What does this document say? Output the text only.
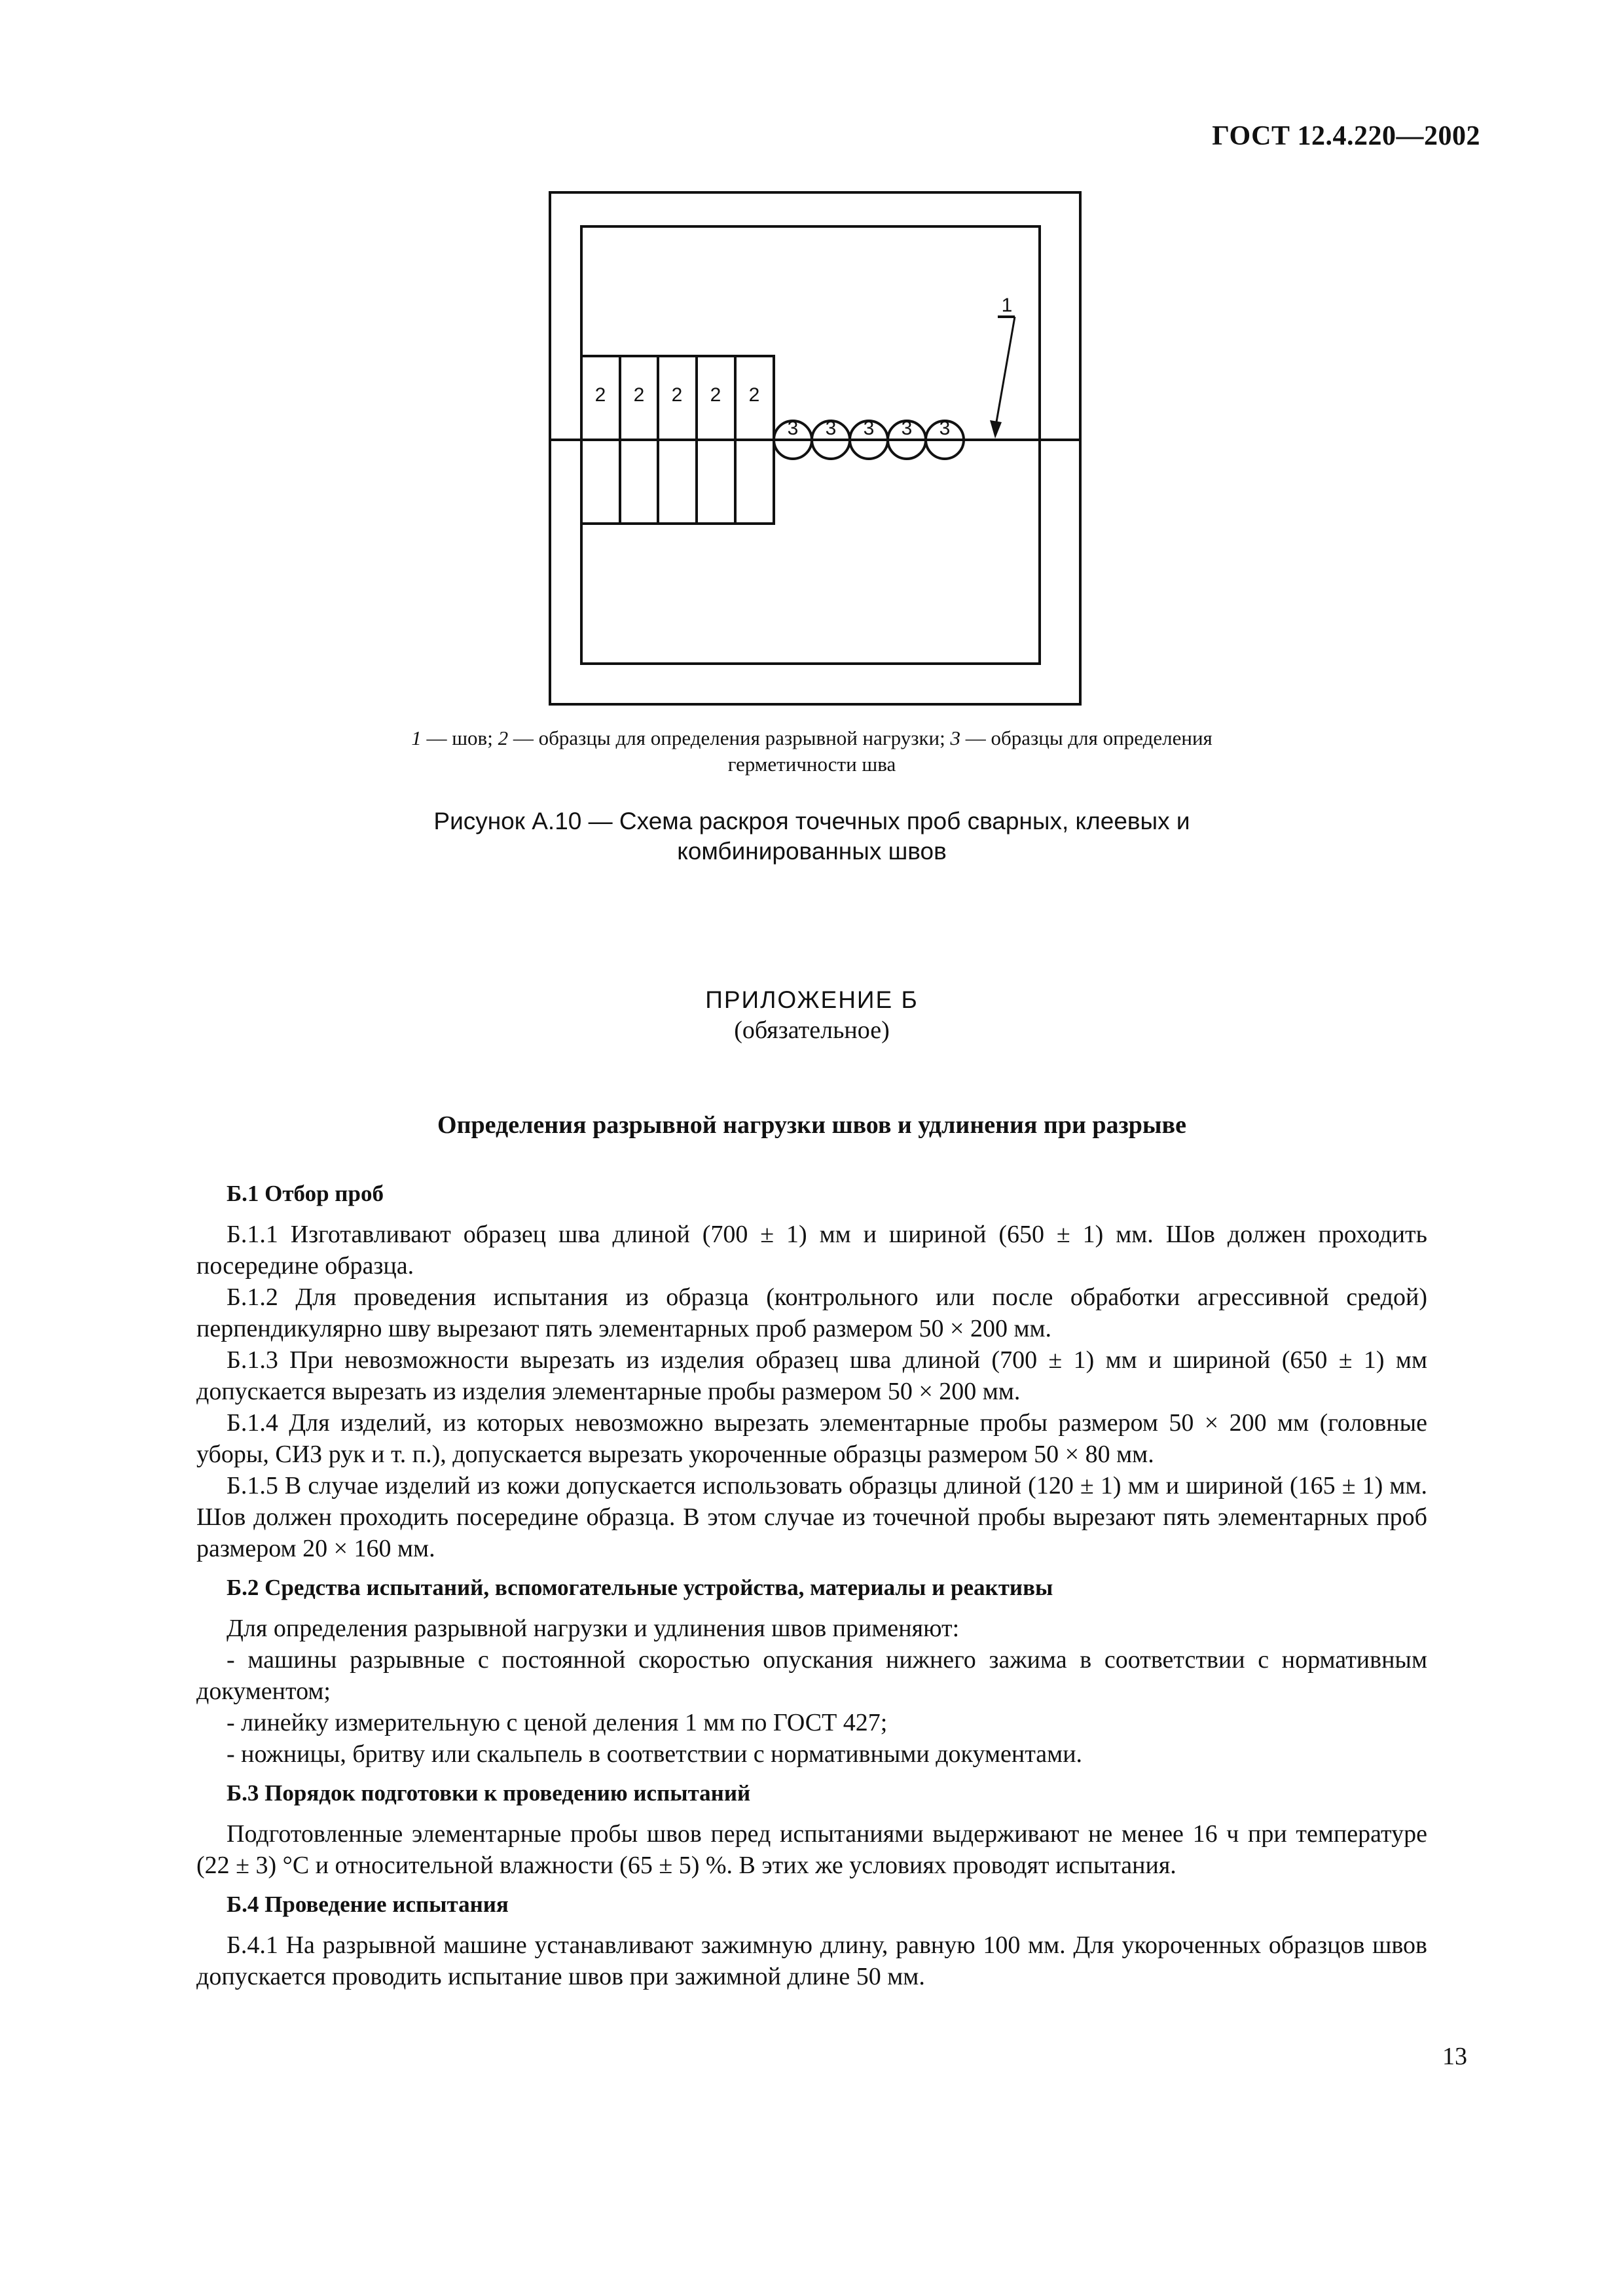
ГОСТ 12.4.220—2002
2 2 2 2 2
3 3 3 3 3
1
1 — шов; 2 — образцы для определения разрывной нагрузки; 3 — образцы для определения
герметичности шва
Рисунок А.10 — Схема раскроя точечных проб сварных, клеевых и
комбинированных швов
ПРИЛОЖЕНИЕ Б
(обязательное)
Определения разрывной нагрузки швов и удлинения при разрыве

Б.1 Отбор проб

Б.1.1 Изготавливают образец шва длиной (700 ± 1) мм и шириной (650 ± 1) мм. Шов должен проходить посередине образца.

Б.1.2 Для проведения испытания из образца (контрольного или после обработки агрессивной средой) перпендикулярно шву вырезают пять элементарных проб размером 50 × 200 мм.

Б.1.3 При невозможности вырезать из изделия образец шва длиной (700 ± 1) мм и шириной (650 ± 1) мм допускается вырезать из изделия элементарные пробы размером 50 × 200 мм.

Б.1.4 Для изделий, из которых невозможно вырезать элементарные пробы размером 50 × 200 мм (головные уборы, СИЗ рук и т. п.), допускается вырезать укороченные образцы размером 50 × 80 мм.

Б.1.5 В случае изделий из кожи допускается использовать образцы длиной (120 ± 1) мм и шириной (165 ± 1) мм. Шов должен проходить посередине образца. В этом случае из точечной пробы вырезают пять элементарных проб размером 20 × 160 мм.

Б.2 Средства испытаний, вспомогательные устройства, материалы и реактивы

Для определения разрывной нагрузки и удлинения швов применяют:

- машины разрывные с постоянной скоростью опускания нижнего зажима в соответствии с нормативным документом;

- линейку измерительную с ценой деления 1 мм по ГОСТ 427;

- ножницы, бритву или скальпель в соответствии с нормативными документами.

Б.3 Порядок подготовки к проведению испытаний

Подготовленные элементарные пробы швов перед испытаниями выдерживают не менее 16 ч при температуре (22 ± 3) °С и относительной влажности (65 ± 5) %. В этих же условиях проводят испытания.

Б.4 Проведение испытания

Б.4.1 На разрывной машине устанавливают зажимную длину, равную 100 мм. Для укороченных образцов швов допускается проводить испытание швов при зажимной длине 50 мм.

13
